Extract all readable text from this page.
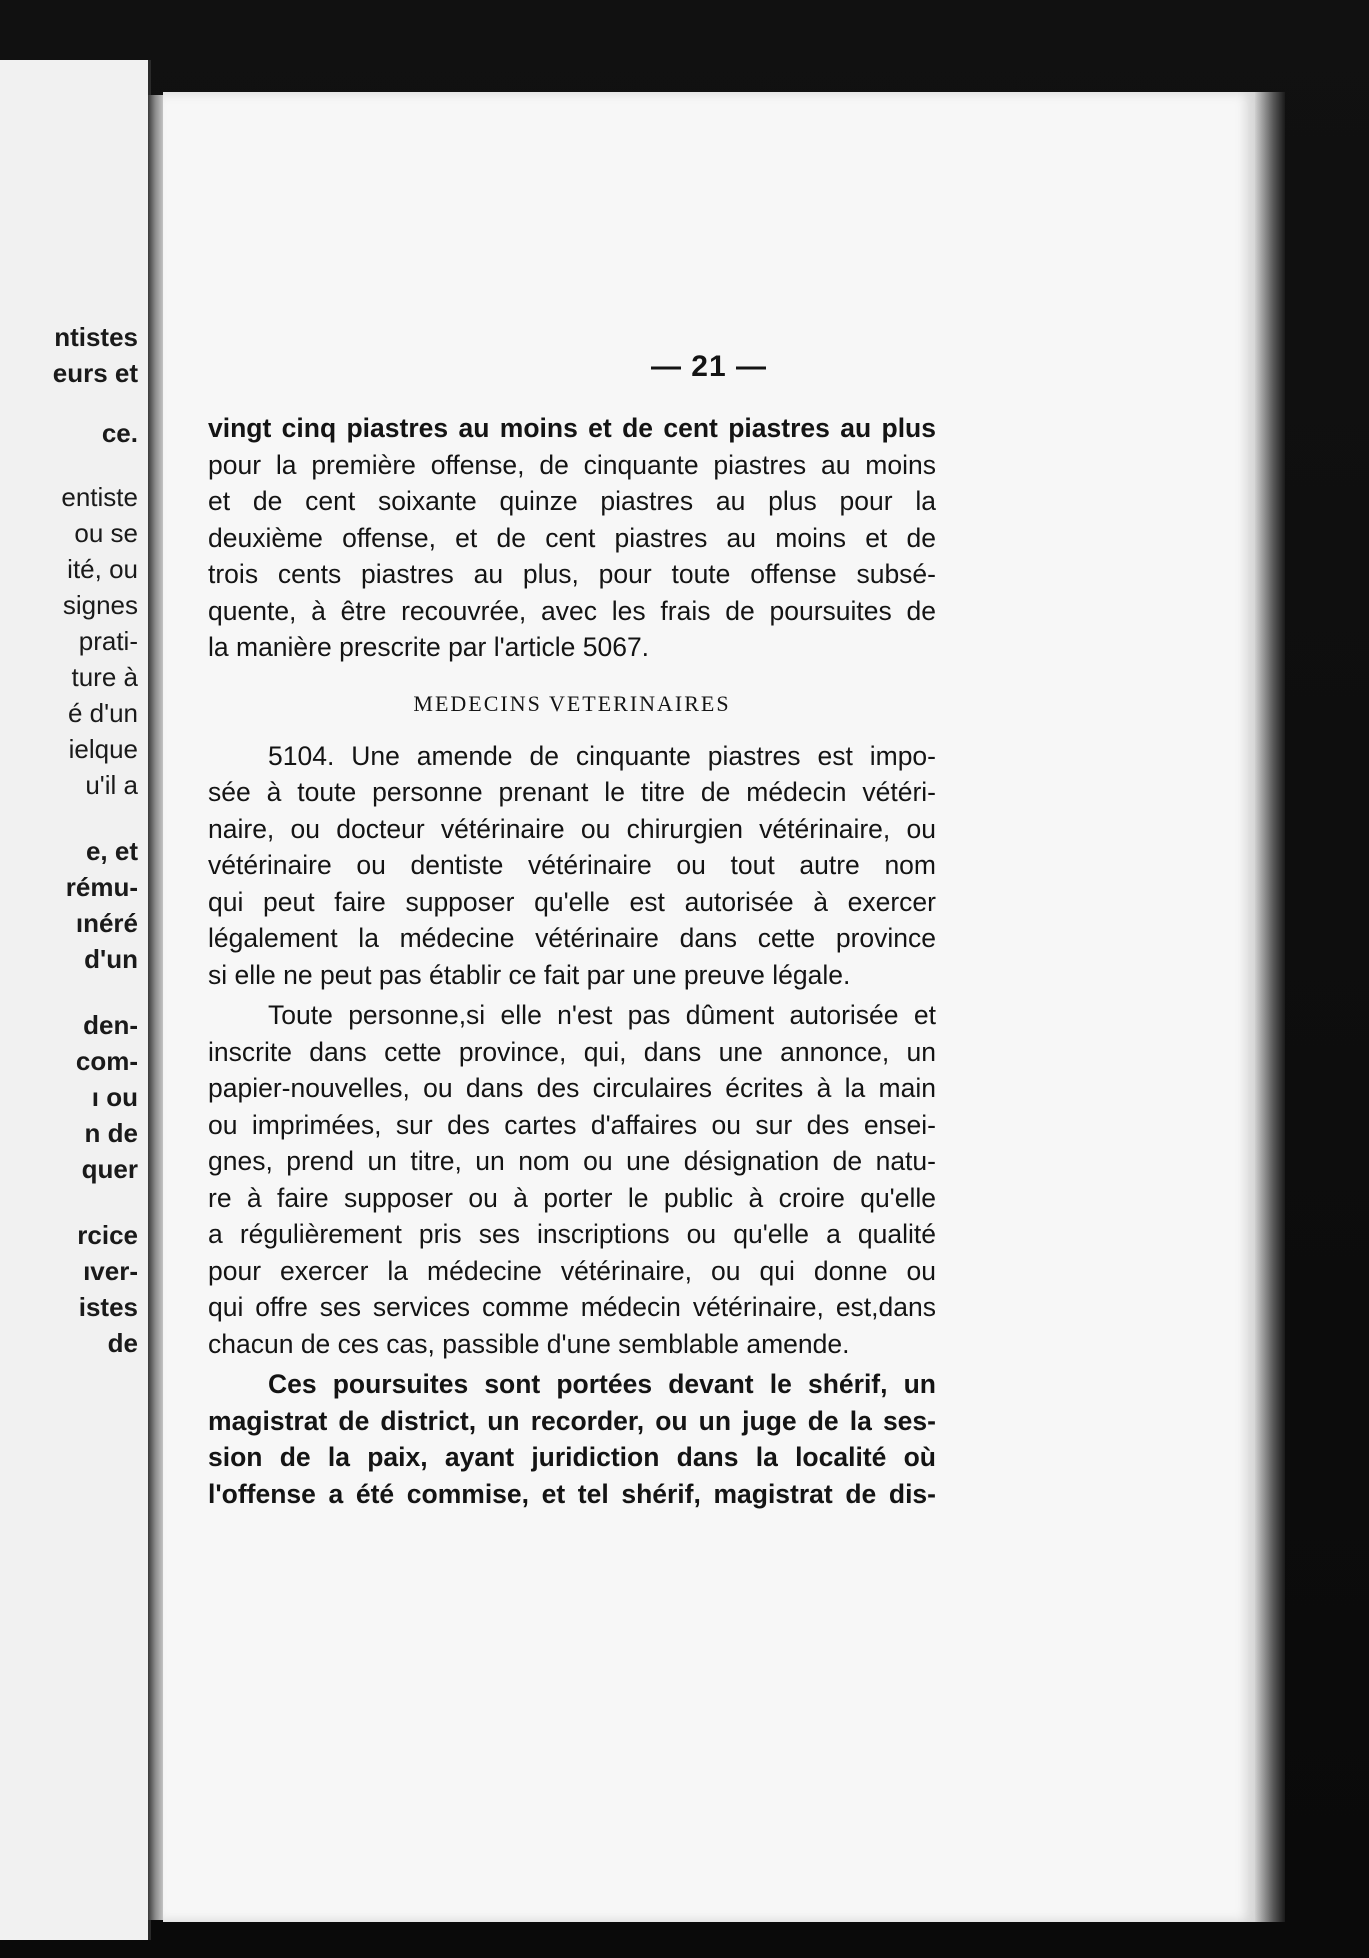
ntistes
eurs et
ce.
entiste
ou se
ité, ou
signes
prati-
ture à
é d'un
ielque
u'il a
e, et
rému-
ınéré
d'un
den-
com-
ı ou
n de
quer
rcice
ıver-
istes
de
— 21 —
vingt cinq piastres au moins et de cent piastres au plus
pour la première offense, de cinquante piastres au moins
et de cent soixante quinze piastres au plus pour la
deuxième offense, et de cent piastres au moins et de
trois cents piastres au plus, pour toute offense subsé-
quente, à être recouvrée, avec les frais de poursuites de
la manière prescrite par l'article 5067.
MEDECINS VETERINAIRES
5104. Une amende de cinquante piastres est impo-
sée à toute personne prenant le titre de médecin vétéri-
naire, ou docteur vétérinaire ou chirurgien vétérinaire, ou
vétérinaire ou dentiste vétérinaire ou tout autre nom
qui peut faire supposer qu'elle est autorisée à exercer
légalement la médecine vétérinaire dans cette province
si elle ne peut pas établir ce fait par une preuve légale.
Toute personne,si elle n'est pas dûment autorisée et
inscrite dans cette province, qui, dans une annonce, un
papier-nouvelles, ou dans des circulaires écrites à la main
ou imprimées, sur des cartes d'affaires ou sur des ensei-
gnes, prend un titre, un nom ou une désignation de natu-
re à faire supposer ou à porter le public à croire qu'elle
a régulièrement pris ses inscriptions ou qu'elle a qualité
pour exercer la médecine vétérinaire, ou qui donne ou
qui offre ses services comme médecin vétérinaire, est,dans
chacun de ces cas, passible d'une semblable amende.
Ces poursuites sont portées devant le shérif, un
magistrat de district, un recorder, ou un juge de la ses-
sion de la paix, ayant juridiction dans la localité où
l'offense a été commise, et tel shérif, magistrat de dis-
